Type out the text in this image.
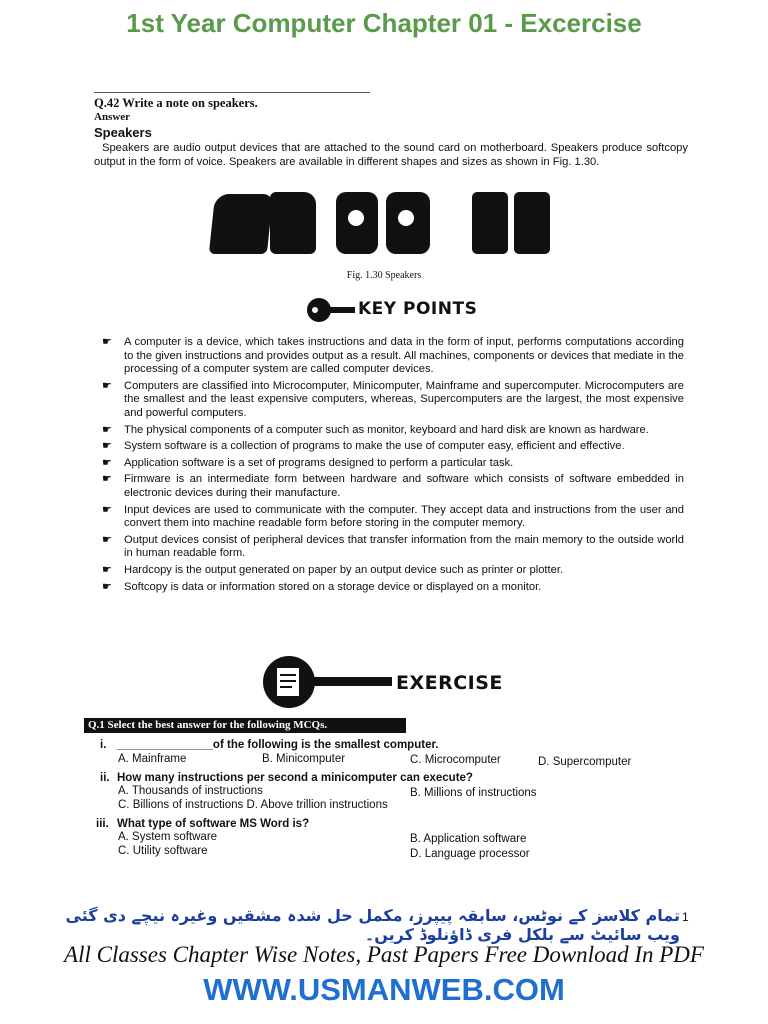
1st Year Computer Chapter 01 - Excercise
Q.42 Write a note on speakers.
Answer
Speakers
Speakers are audio output devices that are attached to the sound card on motherboard. Speakers produce softcopy output in the form of voice. Speakers are available in different shapes and sizes as shown in Fig. 1.30.
Fig. 1.30 Speakers
KEY POINTS
☛ A computer is a device, which takes instructions and data in the form of input, performs computations according to the given instructions and provides output as a result. All machines, components or devices that mediate in the processing of a computer system are called computer devices.
☛ Computers are classified into Microcomputer, Minicomputer, Mainframe and supercomputer. Microcomputers are the smallest and the least expensive computers, whereas, Supercomputers are the largest, the most expensive and powerful computers.
☛ The physical components of a computer such as monitor, keyboard and hard disk are known as hardware.
☛ System software is a collection of programs to make the use of computer easy, efficient and effective.
☛ Application software is a set of programs designed to perform a particular task.
☛ Firmware is an intermediate form between hardware and software which consists of software embedded in electronic devices during their manufacture.
☛ Input devices are used to communicate with the computer. They accept data and instructions from the user and convert them into machine readable form before storing in the computer memory.
☛ Output devices consist of peripheral devices that transfer information from the main memory to the outside world in human readable form.
☛ Hardcopy is the output generated on paper by an output device such as printer or plotter.
☛ Softcopy is data or information stored on a storage device or displayed on a monitor.
EXERCISE
Q.1 Select the best answer for the following MCQs.
i. _______________of the following is the smallest computer.
A. Mainframe	B. Minicomputer	C. Microcomputer	D. Supercomputer
ii. How many instructions per second a minicomputer can execute?
A. Thousands of instructions	B. Millions of instructions
C. Billions of instructions D. Above trillion instructions
iii. What type of software MS Word is?
A. System software	B. Application software
C. Utility software	D. Language processor
1
تمام کلاسز کے نوٹس، سابقہ پیپرز، مکمل حل شدہ مشقیں وغیرہ نیچے دی گئی ویب سائیٹ سے بلکل فری ڈاؤنلوڈ کریں۔
All Classes Chapter Wise Notes, Past Papers Free Download In PDF
WWW.USMANWEB.COM
